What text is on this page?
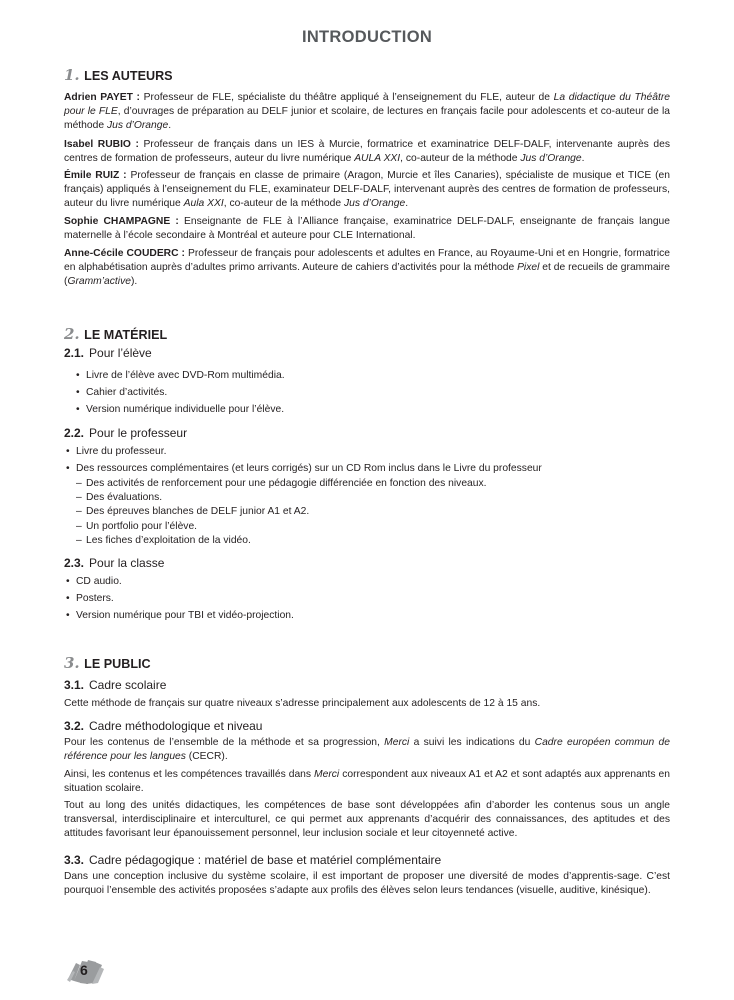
INTRODUCTION
1. LES AUTEURS
Adrien PAYET : Professeur de FLE, spécialiste du théâtre appliqué à l’enseignement du FLE, auteur de La didactique du Théâtre pour le FLE, d’ouvrages de préparation au DELF junior et scolaire, de lectures en français facile pour adolescents et co-auteur de la méthode Jus d’Orange.
Isabel RUBIO : Professeur de français dans un IES à Murcie, formatrice et examinatrice DELF-DALF, intervenante auprès des centres de formation de professeurs, auteur du livre numérique AULA XXI, co-auteur de la méthode Jus d’Orange.
Émile RUIZ : Professeur de français en classe de primaire (Aragon, Murcie et îles Canaries), spécialiste de musique et TICE (en français) appliqués à l’enseignement du FLE, examinateur DELF-DALF, intervenant auprès des centres de formation de professeurs, auteur du livre numérique Aula XXI, co-auteur de la méthode Jus d’Orange.
Sophie CHAMPAGNE : Enseignante de FLE à l’Alliance française, examinatrice DELF-DALF, enseignante de français langue maternelle à l’école secondaire à Montréal et auteure pour CLE International.
Anne-Cécile COUDERC : Professeur de français pour adolescents et adultes en France, au Royaume-Uni et en Hongrie, formatrice en alphabétisation auprès d’adultes primo arrivants. Auteure de cahiers d’activités pour la méthode Pixel et de recueils de grammaire (Gramm’active).
2. LE MATÉRIEL
2.1. Pour l’élève
• Livre de l’élève avec DVD-Rom multimédia.
• Cahier d’activités.
• Version numérique individuelle pour l’élève.
2.2. Pour le professeur
• Livre du professeur.
• Des ressources complémentaires (et leurs corrigés) sur un CD Rom inclus dans le Livre du professeur
– Des activités de renforcement pour une pédagogie différenciée en fonction des niveaux.
– Des évaluations.
– Des épreuves blanches de DELF junior A1 et A2.
– Un portfolio pour l’élève.
– Les fiches d’exploitation de la vidéo.
2.3. Pour la classe
• CD audio.
• Posters.
• Version numérique pour TBI et vidéo-projection.
3. LE PUBLIC
3.1. Cadre scolaire
Cette méthode de français sur quatre niveaux s’adresse principalement aux adolescents de 12 à 15 ans.
3.2. Cadre méthodologique et niveau
Pour les contenus de l’ensemble de la méthode et sa progression, Merci a suivi les indications du Cadre européen commun de référence pour les langues (CECR).
Ainsi, les contenus et les compétences travaillés dans Merci correspondent aux niveaux A1 et A2 et sont adaptés aux apprenants en situation scolaire.
Tout au long des unités didactiques, les compétences de base sont développées afin d’aborder les contenus sous un angle transversal, interdisciplinaire et interculturel, ce qui permet aux apprenants d’acquérir des connaissances, des aptitudes et des attitudes favorisant leur épanouissement personnel, leur inclusion sociale et leur citoyenneté active.
3.3. Cadre pédagogique : matériel de base et matériel complémentaire
Dans une conception inclusive du système scolaire, il est important de proposer une diversité de modes d’apprentis-sage. C’est pourquoi l’ensemble des activités proposées s’adapte aux profils des élèves selon leurs tendances (visuelle, auditive, kinésique).
6
